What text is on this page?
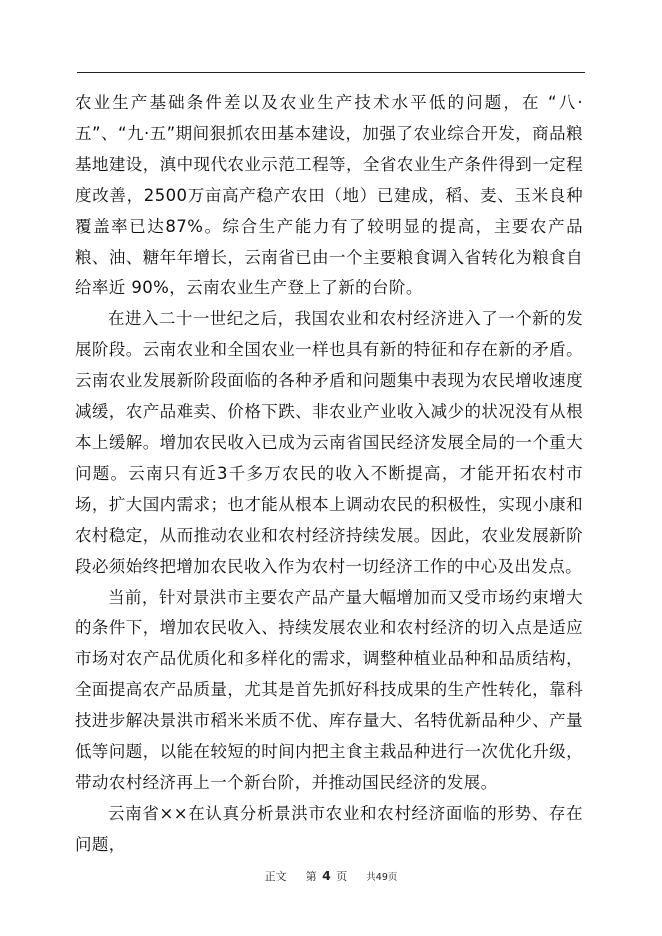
农业生产基础条件差以及农业生产技术水平低的问题，在 “八·五”、“九·五”期间狠抓农田基本建设，加强了农业综合开发，商品粮基地建设，滇中现代农业示范工程等，全省农业生产条件得到一定程度改善，2500万亩高产稳产农田（地）已建成，稻、麦、玉米良种覆盖率已达87%。综合生产能力有了较明显的提高，主要农产品粮、油、糖年年增长，云南省已由一个主要粮食调入省转化为粮食自给率近 90%，云南农业生产登上了新的台阶。

在进入二十一世纪之后，我国农业和农村经济进入了一个新的发展阶段。云南农业和全国农业一样也具有新的特征和存在新的矛盾。云南农业发展新阶段面临的各种矛盾和问题集中表现为农民增收速度减缓，农产品难卖、价格下跌、非农业产业收入减少的状况没有从根本上缓解。增加农民收入已成为云南省国民经济发展全局的一个重大问题。云南只有近3千多万农民的收入不断提高，才能开拓农村市场，扩大国内需求；也才能从根本上调动农民的积极性，实现小康和农村稳定，从而推动农业和农村经济持续发展。因此，农业发展新阶段必须始终把增加农民收入作为农村一切经济工作的中心及出发点。

当前，针对景洪市主要农产品产量大幅增加而又受市场约束增大的条件下，增加农民收入、持续发展农业和农村经济的切入点是适应市场对农产品优质化和多样化的需求，调整种植业品种和品质结构，全面提高农产品质量，尤其是首先抓好科技成果的生产性转化，靠科技进步解决景洪市稻米米质不优、库存量大、名特优新品种少、产量低等问题，以能在较短的时间内把主食主栽品种进行一次优化升级，带动农村经济再上一个新台阶，并推动国民经济的发展。

云南省××在认真分析景洪市农业和农村经济面临的形势、存在问题，

正文 第 4 页 共49页
